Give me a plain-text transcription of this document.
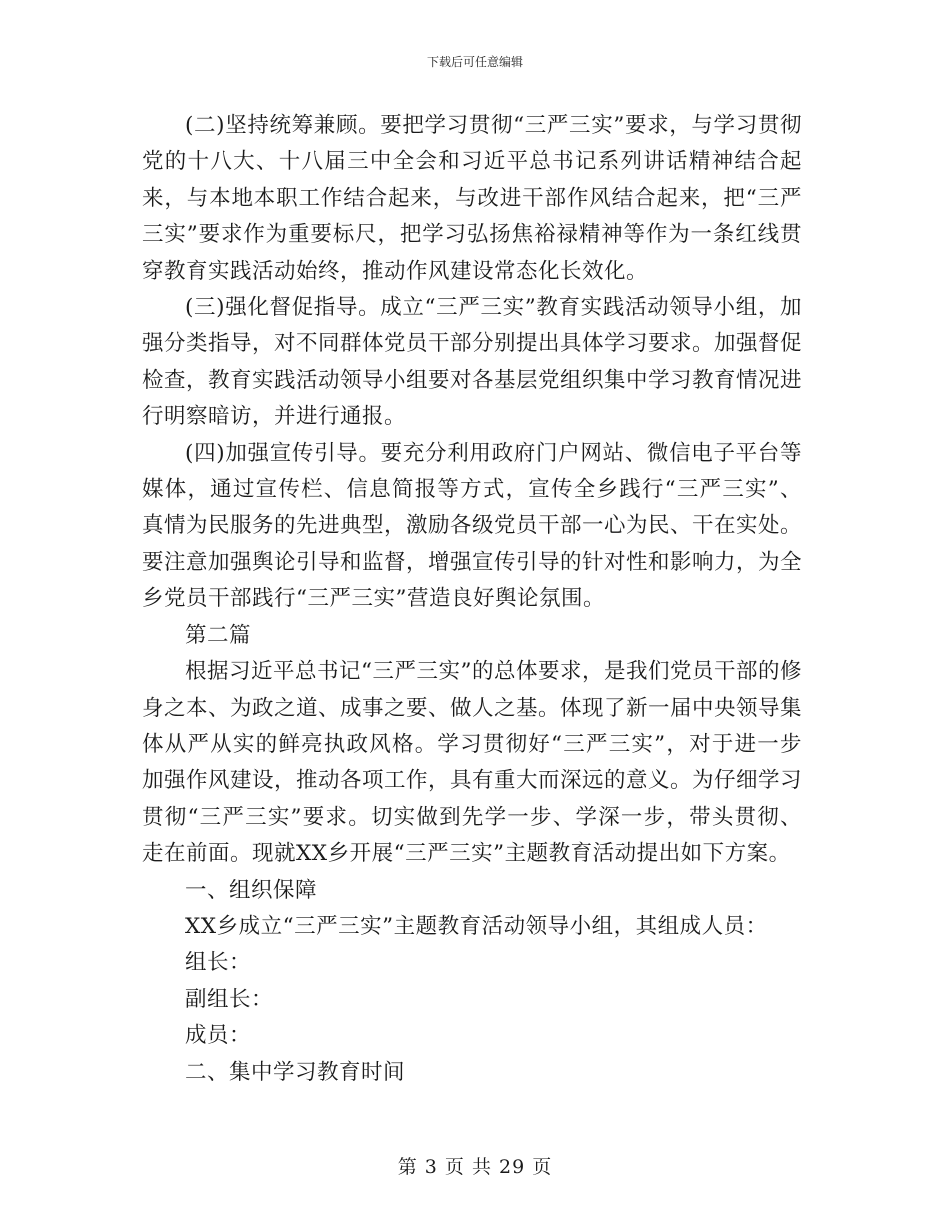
下载后可任意编辑

(二)坚持统筹兼顾。要把学习贯彻“三严三实”要求，与学习贯彻党的十八大、十八届三中全会和习近平总书记系列讲话精神结合起来，与本地本职工作结合起来，与改进干部作风结合起来，把“三严三实”要求作为重要标尺，把学习弘扬焦裕禄精神等作为一条红线贯穿教育实践活动始终，推动作风建设常态化长效化。

(三)强化督促指导。成立“三严三实”教育实践活动领导小组，加强分类指导，对不同群体党员干部分别提出具体学习要求。加强督促检查，教育实践活动领导小组要对各基层党组织集中学习教育情况进行明察暗访，并进行通报。

(四)加强宣传引导。要充分利用政府门户网站、微信电子平台等媒体，通过宣传栏、信息简报等方式，宣传全乡践行“三严三实”、真情为民服务的先进典型，激励各级党员干部一心为民、干在实处。要注意加强舆论引导和监督，增强宣传引导的针对性和影响力，为全乡党员干部践行“三严三实”营造良好舆论氛围。

第二篇

根据习近平总书记“三严三实”的总体要求，是我们党员干部的修身之本、为政之道、成事之要、做人之基。体现了新一届中央领导集体从严从实的鲜亮执政风格。学习贯彻好“三严三实”，对于进一步加强作风建设，推动各项工作，具有重大而深远的意义。为仔细学习贯彻“三严三实”要求。切实做到先学一步、学深一步，带头贯彻、走在前面。现就XX乡开展“三严三实”主题教育活动提出如下方案。

一、组织保障

XX乡成立“三严三实”主题教育活动领导小组，其组成人员：

组长：

副组长：

成员：

二、集中学习教育时间

第 3 页 共 29 页
